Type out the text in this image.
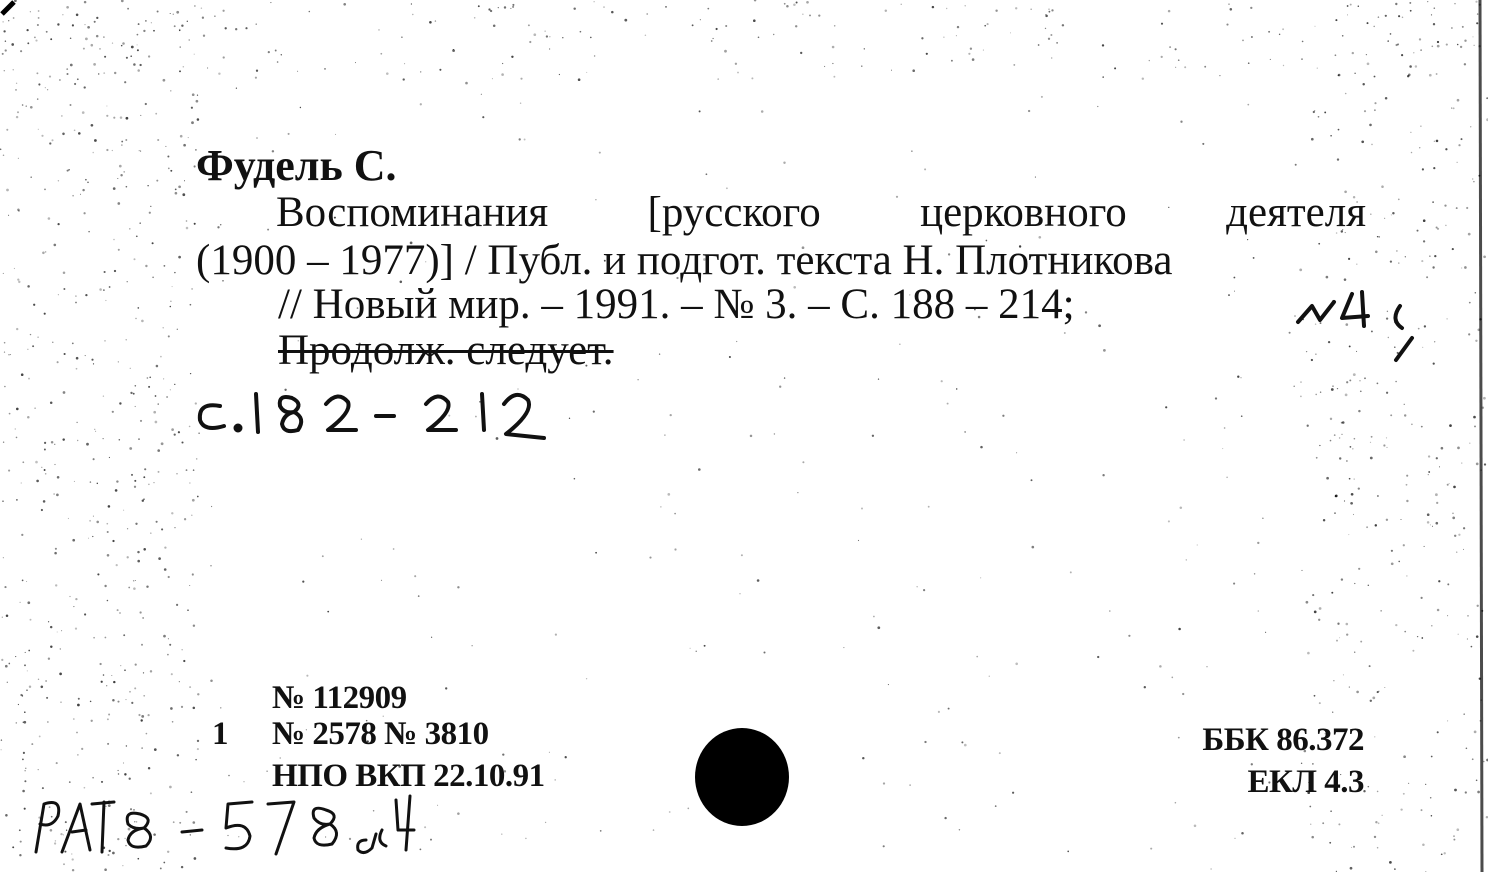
Фудель С.
Воспоминания [русского церковного деятеля
(1900 – 1977)] / Публ. и подгот. текста Н. Плотникова
// Новый мир. – 1991. – № 3. – С. 188 – 214;
Продолж. следует.
№ 112909
1 № 2578 № 3810
НПО ВКП 22.10.91
ББК 86.372
ЕКЛ 4.3
